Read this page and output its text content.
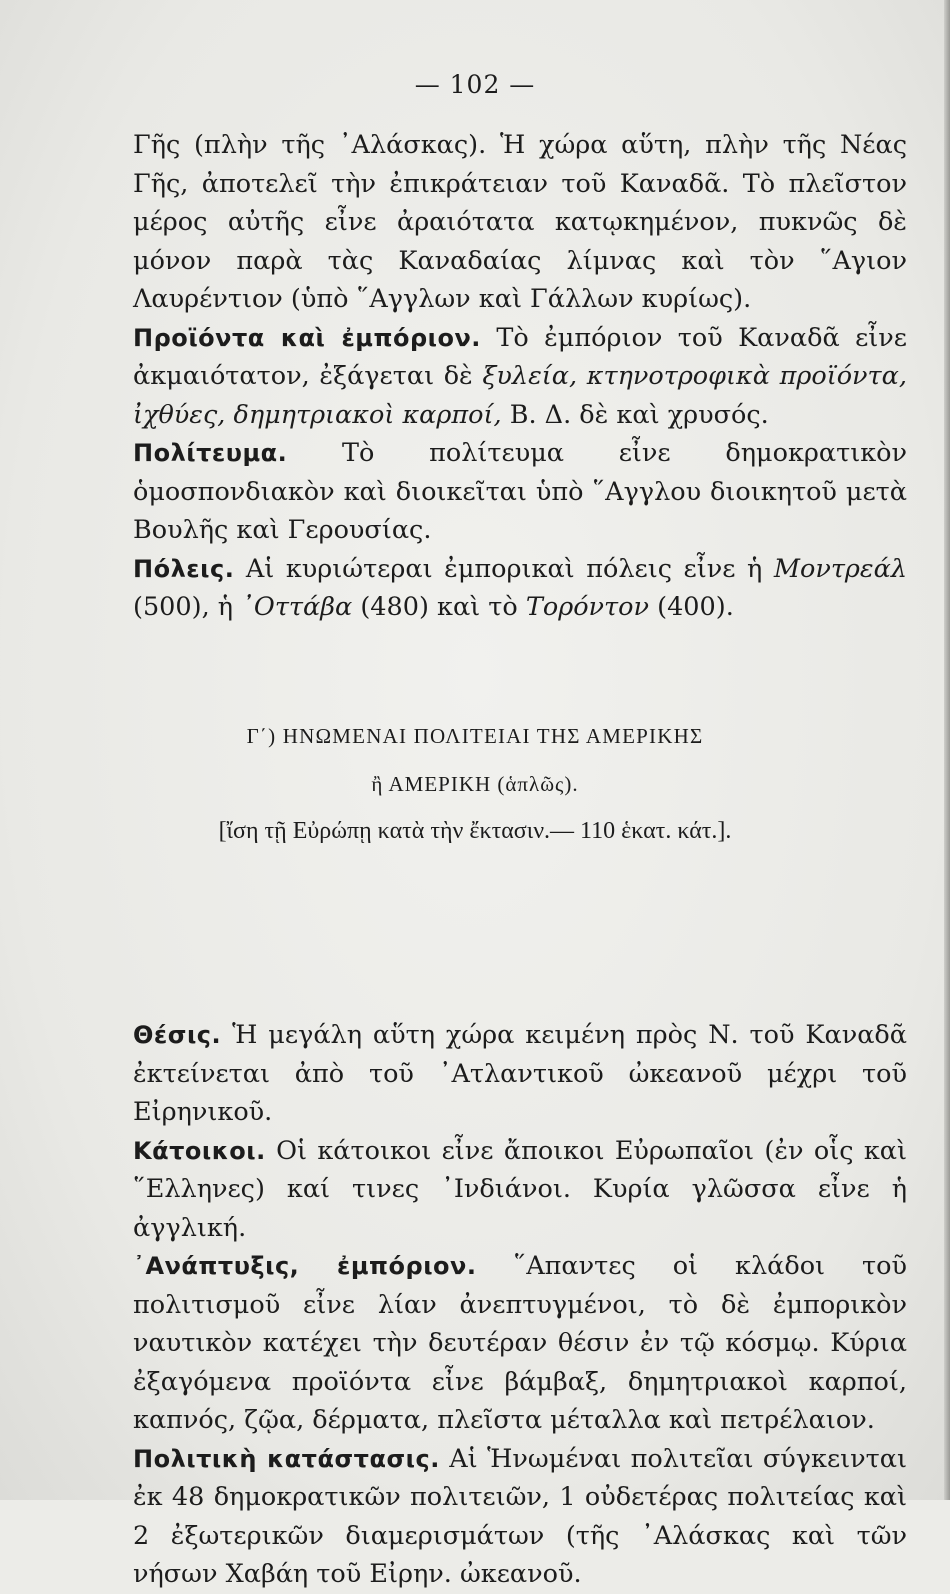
— 102 —

Γῆς (πλὴν τῆς ᾽Αλάσκας). Ἡ χώρα αὕτη, πλὴν τῆς Νέας Γῆς, ἀποτελεῖ τὴν ἐπικράτειαν τοῦ Καναδᾶ. Τὸ πλεῖστον μέρος αὐτῆς εἶνε ἀραιότατα κατῳκημένον, πυκνῶς δὲ μόνον παρὰ τὰς Καναδαίας λίμνας καὶ τὸν ῞Αγιον Λαυρέντιον (ὑπὸ ῞Αγγλων καὶ Γάλλων κυρίως).

Προϊόντα καὶ ἐμπόριον. Τὸ ἐμπόριον τοῦ Καναδᾶ εἶνε ἀκμαιότατον, ἐξάγεται δὲ ξυλεία, κτηνοτροφικὰ προϊόντα, ἰχθύες, δημητριακοὶ καρποί, Β. Δ. δὲ καὶ χρυσός.

Πολίτευμα. Τὸ πολίτευμα εἶνε δημοκρατικὸν ὁμοσπονδιακὸν καὶ διοικεῖται ὑπὸ ῞Αγγλου διοικητοῦ μετὰ Βουλῆς καὶ Γερουσίας.

Πόλεις. Αἱ κυριώτεραι ἐμπορικαὶ πόλεις εἶνε ἡ Μοντρεάλ (500), ἡ ᾽Οττάβα (480) καὶ τὸ Τορόντον (400).

Γ΄) ΗΝΩΜΕΝΑΙ ΠΟΛΙΤΕΙΑΙ ΤΗΣ ΑΜΕΡΙΚΗΣ
ἢ ΑΜΕΡΙΚΗ (ἁπλῶς).
[ἴση τῇ Εὐρώπῃ κατὰ τὴν ἔκτασιν.— 110 ἑκατ. κάτ.].

Θέσις. Ἡ μεγάλη αὕτη χώρα κειμένη πρὸς Ν. τοῦ Καναδᾶ ἐκτείνεται ἀπὸ τοῦ ᾽Ατλαντικοῦ ὠκεανοῦ μέχρι τοῦ Εἰρηνικοῦ.

Κάτοικοι. Οἱ κάτοικοι εἶνε ἄποικοι Εὐρωπαῖοι (ἐν οἷς καὶ ῞Ελληνες) καί τινες ᾽Ινδιάνοι. Κυρία γλῶσσα εἶνε ἡ ἀγγλική.

᾽Ανάπτυξις, ἐμπόριον. ῞Απαντες οἱ κλάδοι τοῦ πολιτισμοῦ εἶνε λίαν ἀνεπτυγμένοι, τὸ δὲ ἐμπορικὸν ναυτικὸν κατέχει τὴν δευτέραν θέσιν ἐν τῷ κόσμῳ. Κύρια ἐξαγόμενα προϊόντα εἶνε βάμβαξ, δημητριακοὶ καρποί, καπνός, ζῷα, δέρματα, πλεῖστα μέταλλα καὶ πετρέλαιον.

Πολιτικὴ κατάστασις. Αἱ Ἡνωμέναι πολιτεῖαι σύγκεινται ἐκ 48 δημοκρατικῶν πολιτειῶν, 1 οὐδετέρας πολιτείας καὶ 2 ἐξωτερικῶν διαμερισμάτων (τῆς ᾽Αλάσκας καὶ τῶν νήσων Χαβάη τοῦ Εἰρην. ὠκεανοῦ.
